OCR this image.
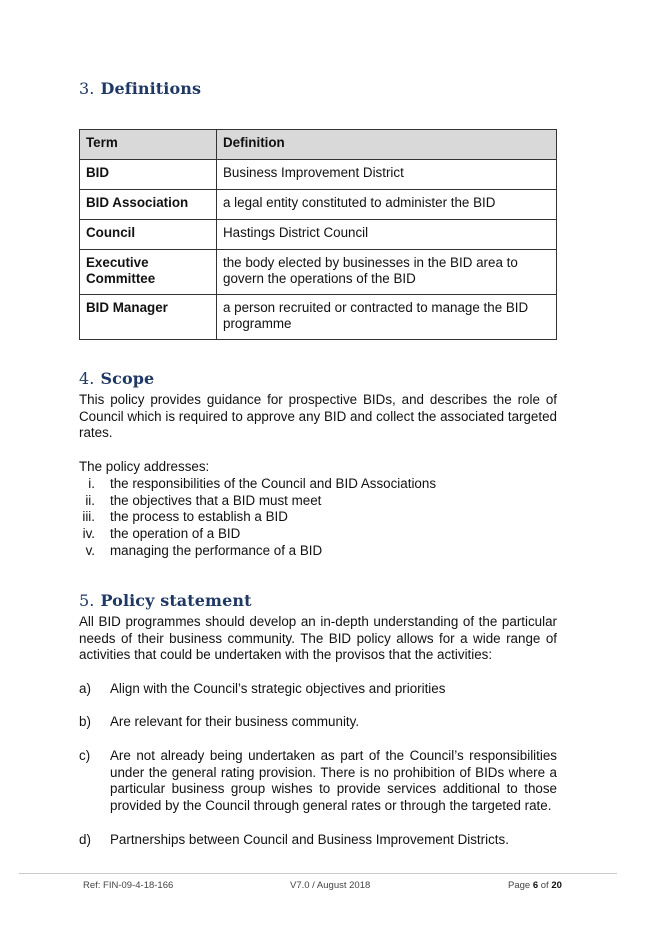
3. Definitions
Term	Definition
BID	Business Improvement District
BID Association	a legal entity constituted to administer the BID
Council	Hastings District Council
Executive Committee	the body elected by businesses in the BID area to govern the operations of the BID
BID Manager	a person recruited or contracted to manage the BID programme
4. Scope

This policy provides guidance for prospective BIDs, and describes the role of Council which is required to approve any BID and collect the associated targeted rates.

The policy addresses:

i. the responsibilities of the Council and BID Associations
ii. the objectives that a BID must meet
iii. the process to establish a BID
iv. the operation of a BID
v. managing the performance of a BID
5. Policy statement

All BID programmes should develop an in-depth understanding of the particular needs of their business community. The BID policy allows for a wide range of activities that could be undertaken with the provisos that the activities:

a) Align with the Council’s strategic objectives and priorities
b) Are relevant for their business community.
c) Are not already being undertaken as part of the Council’s responsibilities under the general rating provision. There is no prohibition of BIDs where a particular business group wishes to provide services additional to those provided by the Council through general rates or through the targeted rate.
d) Partnerships between Council and Business Improvement Districts.
Ref: FIN-09-4-18-166	V7.0 / August 2018	Page 6 of 20
